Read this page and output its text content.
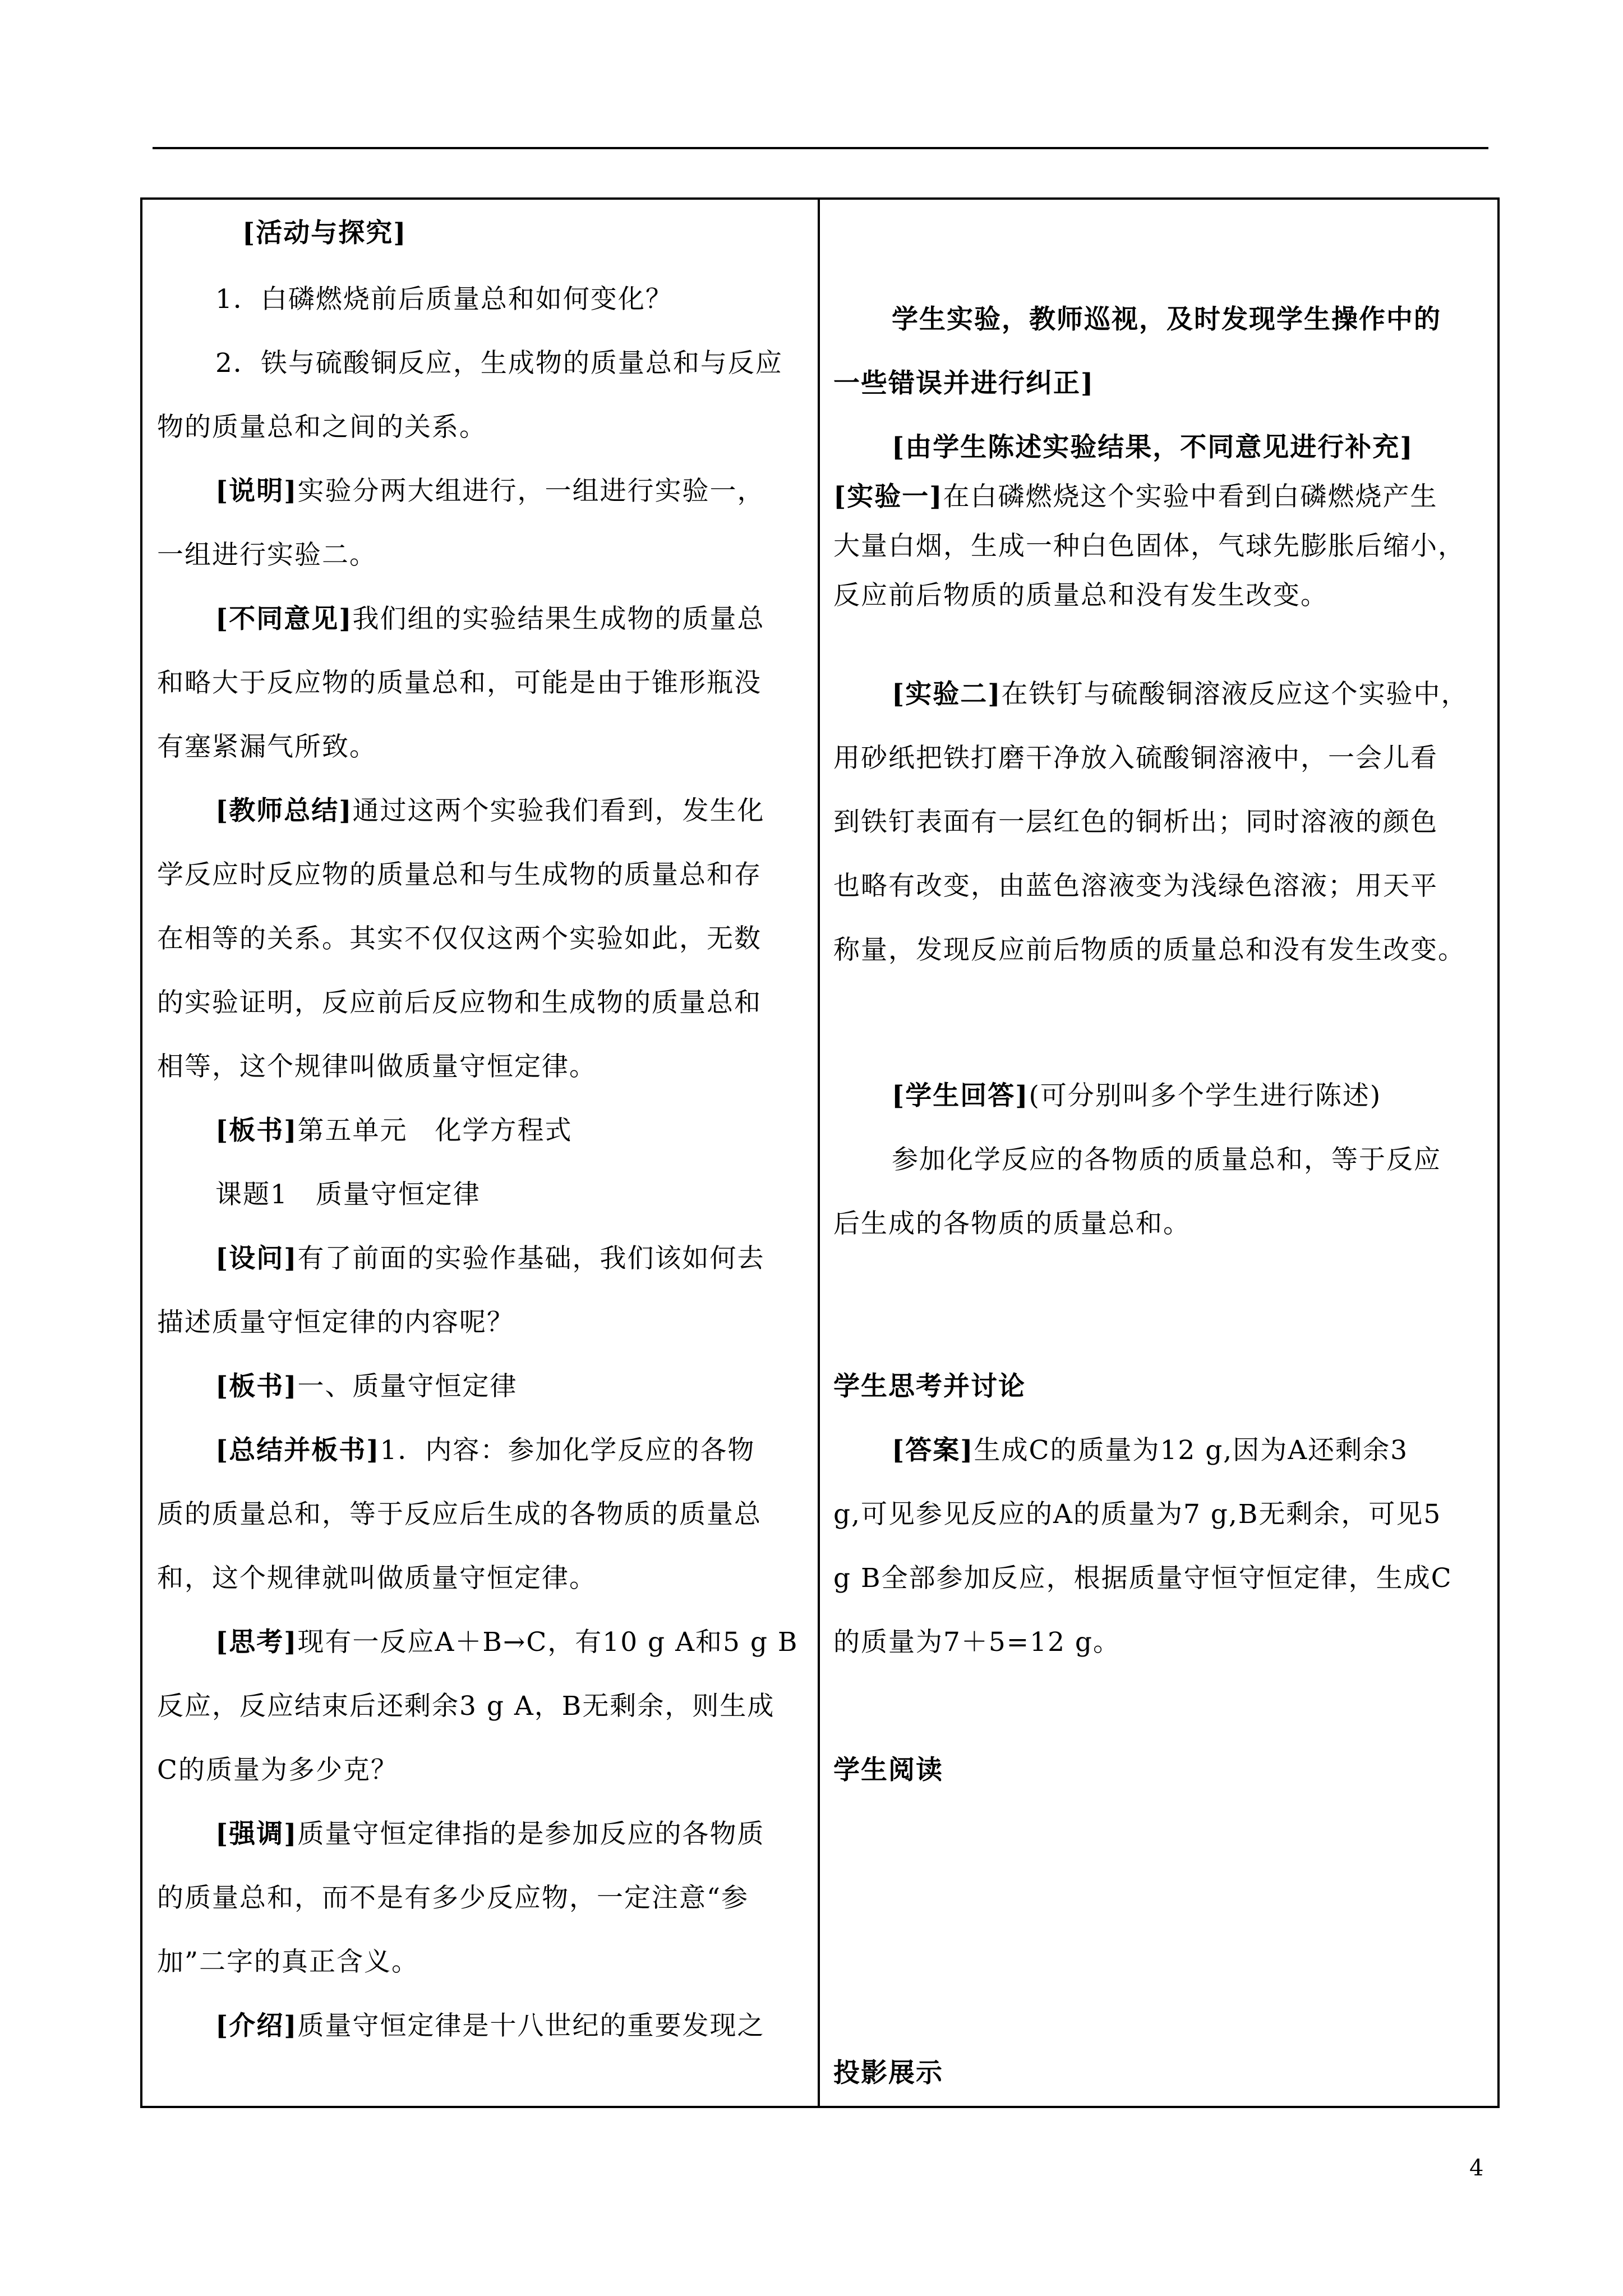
[活动与探究]
1．白磷燃烧前后质量总和如何变化？
2．铁与硫酸铜反应，生成物的质量总和与反应
物的质量总和之间的关系。
[说明]实验分两大组进行，一组进行实验一，
一组进行实验二。
[不同意见]我们组的实验结果生成物的质量总
和略大于反应物的质量总和，可能是由于锥形瓶没
有塞紧漏气所致。
[教师总结]通过这两个实验我们看到，发生化
学反应时反应物的质量总和与生成物的质量总和存
在相等的关系。其实不仅仅这两个实验如此，无数
的实验证明，反应前后反应物和生成物的质量总和
相等，这个规律叫做质量守恒定律。
[板书]第五单元　化学方程式
课题1　质量守恒定律
[设问]有了前面的实验作基础，我们该如何去
描述质量守恒定律的内容呢？
[板书]一、质量守恒定律
[总结并板书]1．内容：参加化学反应的各物
质的质量总和，等于反应后生成的各物质的质量总
和，这个规律就叫做质量守恒定律。
[思考]现有一反应A＋B→C，有10 g A和5 g B
反应，反应结束后还剩余3 g A，B无剩余，则生成
C的质量为多少克？
[强调]质量守恒定律指的是参加反应的各物质
的质量总和，而不是有多少反应物，一定注意“参
加”二字的真正含义。
[介绍]质量守恒定律是十八世纪的重要发现之
学生实验，教师巡视，及时发现学生操作中的
一些错误并进行纠正]
[由学生陈述实验结果，不同意见进行补充]
[实验一]在白磷燃烧这个实验中看到白磷燃烧产生
大量白烟，生成一种白色固体，气球先膨胀后缩小，
反应前后物质的质量总和没有发生改变。
[实验二]在铁钉与硫酸铜溶液反应这个实验中，
用砂纸把铁打磨干净放入硫酸铜溶液中，一会儿看
到铁钉表面有一层红色的铜析出；同时溶液的颜色
也略有改变，由蓝色溶液变为浅绿色溶液；用天平
称量，发现反应前后物质的质量总和没有发生改变。
[学生回答](可分别叫多个学生进行陈述)
参加化学反应的各物质的质量总和，等于反应
后生成的各物质的质量总和。
学生思考并讨论
[答案]生成C的质量为12 g,因为A还剩余3
g,可见参见反应的A的质量为7 g,B无剩余，可见5
g B全部参加反应，根据质量守恒守恒定律，生成C
的质量为7＋5=12 g。
学生阅读
投影展示
4
